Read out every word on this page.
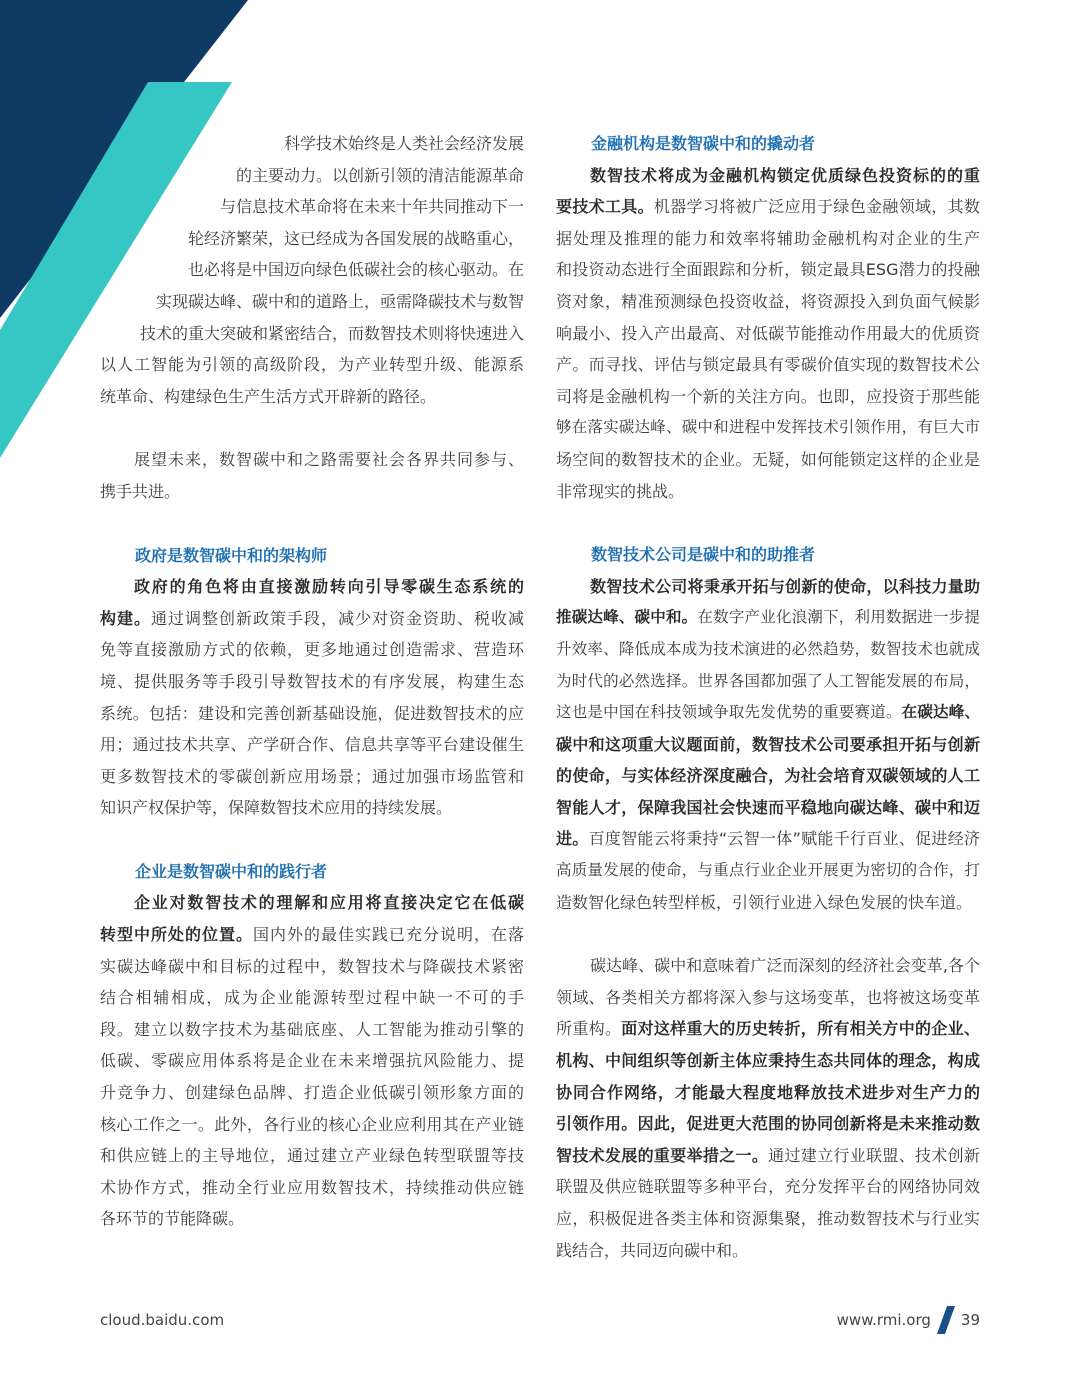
科学技术始终是人类社会经济发展
的主要动力。以创新引领的清洁能源革命
与信息技术革命将在未来十年共同推动下一
轮经济繁荣，这已经成为各国发展的战略重心，
也必将是中国迈向绿色低碳社会的核心驱动。在
实现碳达峰、碳中和的道路上，亟需降碳技术与数智
技术的重大突破和紧密结合，而数智技术则将快速进入
以人工智能为引领的高级阶段，为产业转型升级、能源系
统革命、构建绿色生产生活方式开辟新的路径。
展望未来，数智碳中和之路需要社会各界共同参与、
携手共进。
政府是数智碳中和的架构师
政府的角色将由直接激励转向引导零碳生态系统的
构建。通过调整创新政策手段，减少对资金资助、税收减
免等直接激励方式的依赖，更多地通过创造需求、营造环
境、提供服务等手段引导数智技术的有序发展，构建生态
系统。包括：建设和完善创新基础设施，促进数智技术的应
用；通过技术共享、产学研合作、信息共享等平台建设催生
更多数智技术的零碳创新应用场景；通过加强市场监管和
知识产权保护等，保障数智技术应用的持续发展。
企业是数智碳中和的践行者
企业对数智技术的理解和应用将直接决定它在低碳
转型中所处的位置。国内外的最佳实践已充分说明，在落
实碳达峰碳中和目标的过程中，数智技术与降碳技术紧密
结合相辅相成，成为企业能源转型过程中缺一不可的手
段。建立以数字技术为基础底座、人工智能为推动引擎的
低碳、零碳应用体系将是企业在未来增强抗风险能力、提
升竞争力、创建绿色品牌、打造企业低碳引领形象方面的
核心工作之一。此外，各行业的核心企业应利用其在产业链
和供应链上的主导地位，通过建立产业绿色转型联盟等技
术协作方式，推动全行业应用数智技术，持续推动供应链
各环节的节能降碳。
金融机构是数智碳中和的撬动者
数智技术将成为金融机构锁定优质绿色投资标的的重
要技术工具。机器学习将被广泛应用于绿色金融领域，其数
据处理及推理的能力和效率将辅助金融机构对企业的生产
和投资动态进行全面跟踪和分析，锁定最具ESG潜力的投融
资对象，精准预测绿色投资收益，将资源投入到负面气候影
响最小、投入产出最高、对低碳节能推动作用最大的优质资
产。而寻找、评估与锁定最具有零碳价值实现的数智技术公
司将是金融机构一个新的关注方向。也即，应投资于那些能
够在落实碳达峰、碳中和进程中发挥技术引领作用，有巨大市
场空间的数智技术的企业。无疑，如何能锁定这样的企业是
非常现实的挑战。
数智技术公司是碳中和的助推者
数智技术公司将秉承开拓与创新的使命，以科技力量助
推碳达峰、碳中和。在数字产业化浪潮下，利用数据进一步提
升效率、降低成本成为技术演进的必然趋势，数智技术也就成
为时代的必然选择。世界各国都加强了人工智能发展的布局，
这也是中国在科技领域争取先发优势的重要赛道。在碳达峰、
碳中和这项重大议题面前，数智技术公司要承担开拓与创新
的使命，与实体经济深度融合，为社会培育双碳领域的人工
智能人才，保障我国社会快速而平稳地向碳达峰、碳中和迈
进。百度智能云将秉持“云智一体”赋能千行百业、促进经济
高质量发展的使命，与重点行业企业开展更为密切的合作，打
造数智化绿色转型样板，引领行业进入绿色发展的快车道。
碳达峰、碳中和意味着广泛而深刻的经济社会变革,各个
领域、各类相关方都将深入参与这场变革，也将被这场变革
所重构。面对这样重大的历史转折，所有相关方中的企业、
机构、中间组织等创新主体应秉持生态共同体的理念，构成
协同合作网络，才能最大程度地释放技术进步对生产力的
引领作用。因此，促进更大范围的协同创新将是未来推动数
智技术发展的重要举措之一。通过建立行业联盟、技术创新
联盟及供应链联盟等多种平台，充分发挥平台的网络协同效
应，积极促进各类主体和资源集聚，推动数智技术与行业实
践结合，共同迈向碳中和。
cloud.baidu.com	www.rmi.org 39
